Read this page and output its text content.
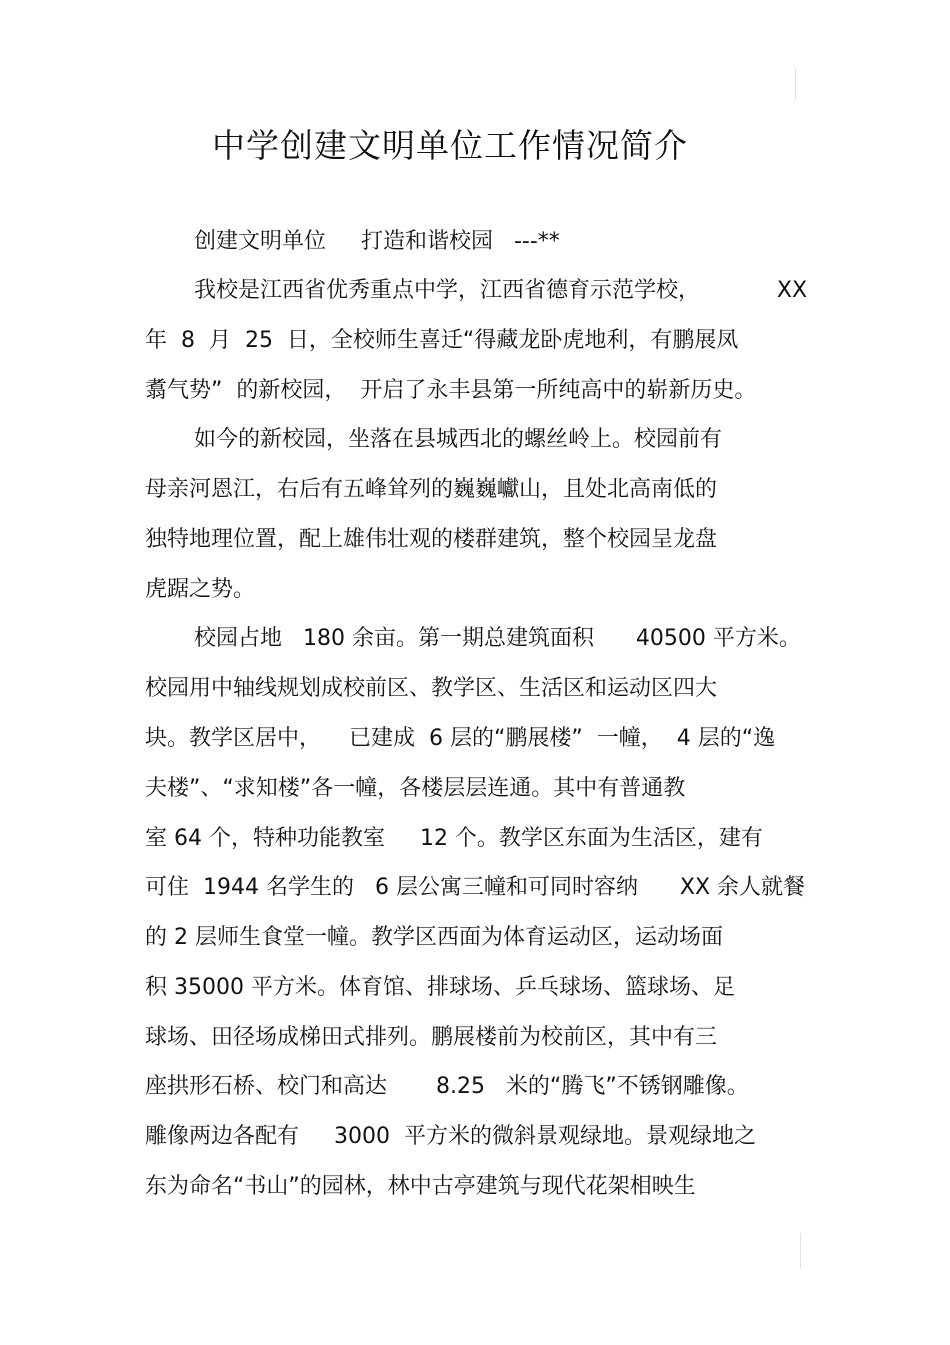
中学创建文明单位工作情况简介
创建文明单位     打造和谐校园   ---**
我校是江西省优秀重点中学，江西省德育示范学校，           XX
年  8  月  25  日，全校师生喜迁“得藏龙卧虎地利，有鹏展凤
翥气势”  的新校园，  开启了永丰县第一所纯高中的崭新历史。
如今的新校园，坐落在县城西北的螺丝岭上。校园前有
母亲河恩江，右后有五峰耸列的巍巍巘山，且处北高南低的
独特地理位置，配上雄伟壮观的楼群建筑，整个校园呈龙盘
虎踞之势。
校园占地   180 余亩。第一期总建筑面积      40500 平方米。
校园用中轴线规划成校前区、教学区、生活区和运动区四大
块。教学区居中，    已建成  6 层的“鹏展楼”  一幢，  4 层的“逸
夫楼”、“求知楼”各一幢，各楼层层连通。其中有普通教
室 64 个，特种功能教室     12 个。教学区东面为生活区，建有
可住  1944 名学生的   6 层公寓三幢和可同时容纳      XX 余人就餐
的 2 层师生食堂一幢。教学区西面为体育运动区，运动场面
积 35000 平方米。体育馆、排球场、乒乓球场、篮球场、足
球场、田径场成梯田式排列。鹏展楼前为校前区，其中有三
座拱形石桥、校门和高达       8.25   米的“腾飞”不锈钢雕像。
雕像两边各配有     3000  平方米的微斜景观绿地。景观绿地之
东为命名“书山”的园林，林中古亭建筑与现代花架相映生
